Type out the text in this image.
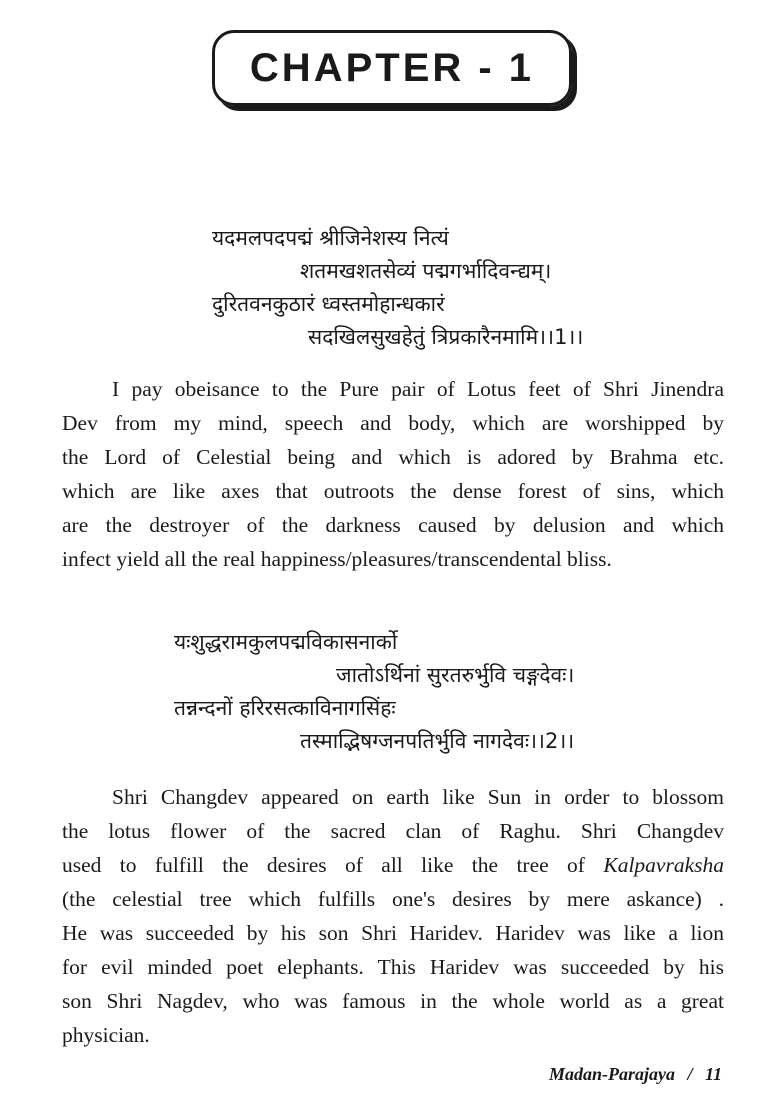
CHAPTER - 1
यदमलपदपद्मं श्रीजिनेशस्य नित्यं
शतमखशतसेव्यं पद्मगर्भादिवन्द्यम्।
दुरितवनकुठारं ध्वस्तमोहान्धकारं
सदखिलसुखहेतुं त्रिप्रकारैनमामि।।1।।
I pay obeisance to the Pure pair of Lotus feet of Shri Jinendra
Dev from my mind, speech and body, which are worshipped by
the Lord of Celestial being and which is adored by Brahma etc.
which are like axes that outroots the dense forest of sins, which
are the destroyer of the darkness caused by delusion and which
infect yield all the real happiness/pleasures/transcendental bliss.
यःशुद्धरामकुलपद्मविकासनार्को
जातोऽर्थिनां सुरतरुर्भुवि चङ्गदेवः।
तन्नन्दनों हरिरसत्काविनागसिंहः
तस्माद्भिषग्जनपतिर्भुवि नागदेवः।।2।।
Shri Changdev appeared on earth like Sun in order to blossom
the lotus flower of the sacred clan of Raghu. Shri Changdev
used to fulfill the desires of all like the tree of Kalpavraksha
(the celestial tree which fulfills one's desires by mere askance) .
He was succeeded by his son Shri Haridev. Haridev was like a lion
for evil minded poet elephants. This Haridev was succeeded by his
son Shri Nagdev, who was famous in the whole world as a great
physician.
Madan-Parajaya / 11
